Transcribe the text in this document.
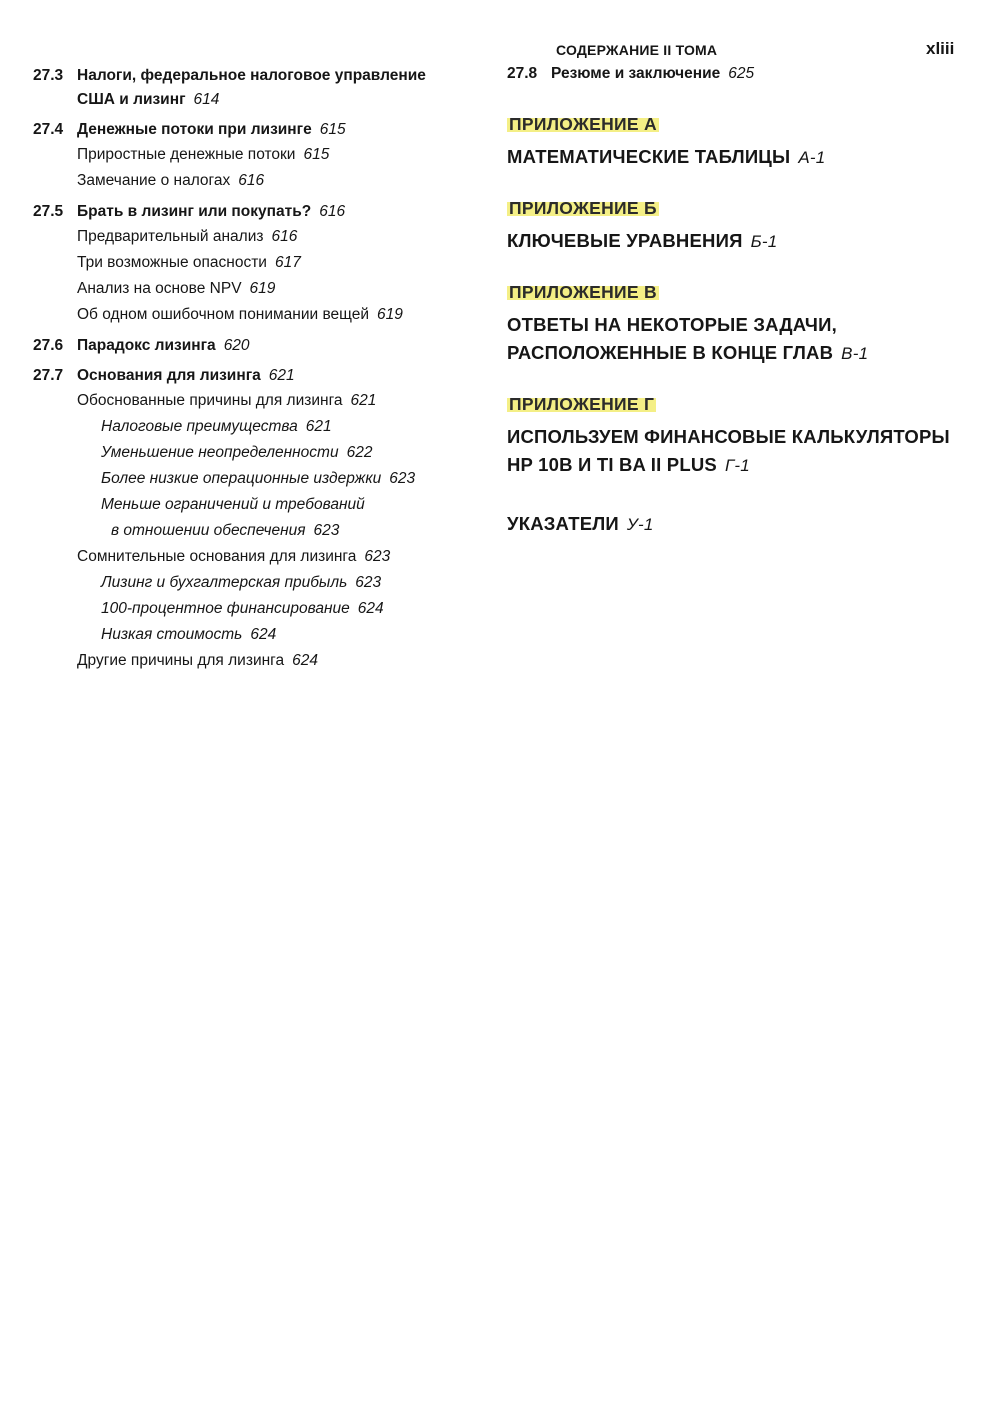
СОДЕРЖАНИЕ II ТОМА	xliii
27.3 Налоги, федеральное налоговое управление
США и лизинг 614
27.4 Денежные потоки при лизинге 615
Приростные денежные потоки 615
Замечание о налогах 616
27.5 Брать в лизинг или покупать? 616
Предварительный анализ 616
Три возможные опасности 617
Анализ на основе NPV 619
Об одном ошибочном понимании вещей 619
27.6 Парадокс лизинга 620
27.7 Основания для лизинга 621
Обоснованные причины для лизинга 621
Налоговые преимущества 621
Уменьшение неопределенности 622
Более низкие операционные издержки 623
Меньше ограничений и требований
в отношении обеспечения 623
Сомнительные основания для лизинга 623
Лизинг и бухгалтерская прибыль 623
100-процентное финансирование 624
Низкая стоимость 624
Другие причины для лизинга 624
27.8 Резюме и заключение 625
ПРИЛОЖЕНИЕ А
МАТЕМАТИЧЕСКИЕ ТАБЛИЦЫ А-1
ПРИЛОЖЕНИЕ Б
КЛЮЧЕВЫЕ УРАВНЕНИЯ Б-1
ПРИЛОЖЕНИЕ В
ОТВЕТЫ НА НЕКОТОРЫЕ ЗАДАЧИ,
РАСПОЛОЖЕННЫЕ В КОНЦЕ ГЛАВ В-1
ПРИЛОЖЕНИЕ Г
ИСПОЛЬЗУЕМ ФИНАНСОВЫЕ КАЛЬКУЛЯТОРЫ
HP 10B И TI BA II PLUS Г-1
УКАЗАТЕЛИ У-1
